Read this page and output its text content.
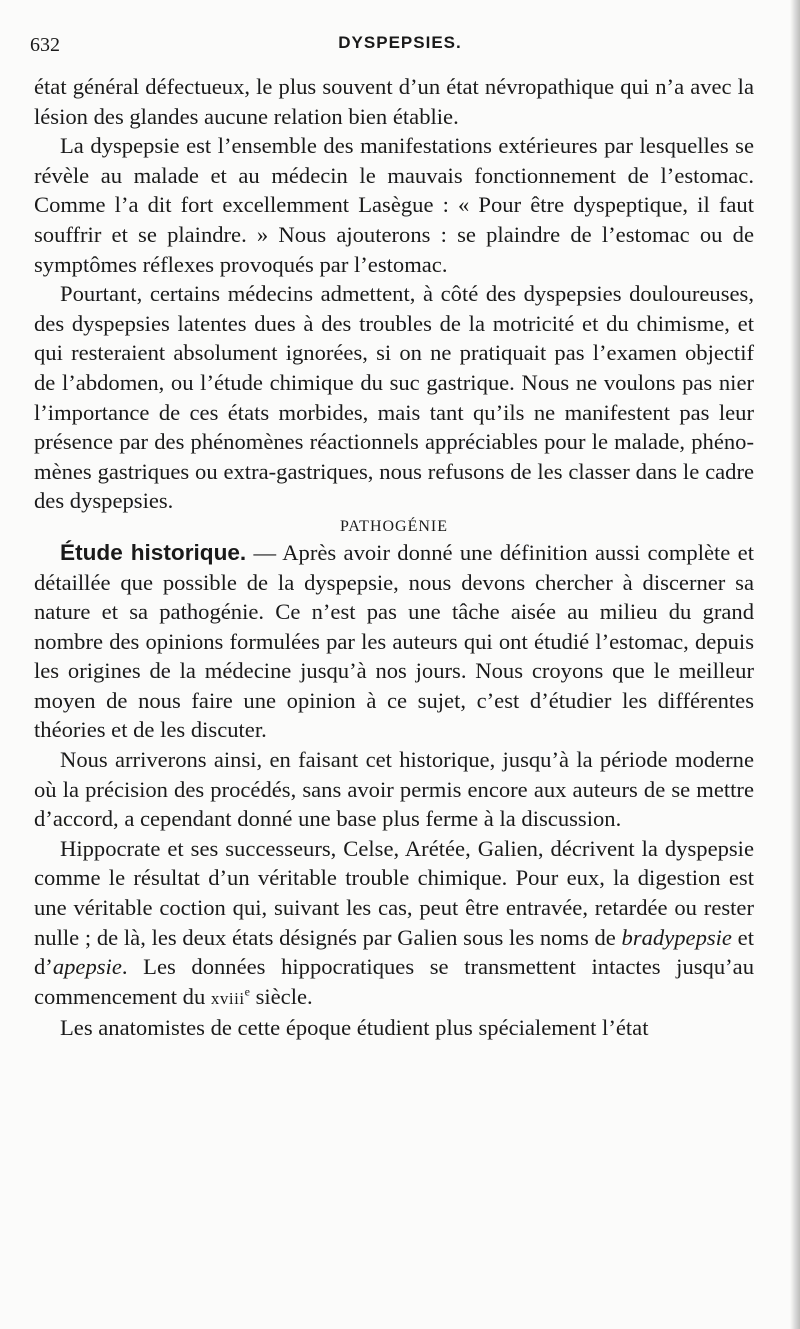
632	DYSPEPSIES.

état général défectueux, le plus souvent d’un état névropathique qui n’a avec la lésion des glandes aucune relation bien établie.

La dyspepsie est l’ensemble des manifestations extérieures par lesquelles se révèle au malade et au médecin le mauvais fonctionnement de l’estomac. Comme l’a dit fort excellemment Lasègue : « Pour être dyspeptique, il faut souffrir et se plaindre. » Nous ajouterons : se plaindre de l’estomac ou de symptômes réflexes provoqués par l’estomac.

Pourtant, certains médecins admettent, à côté des dyspepsies douloureuses, des dyspepsies latentes dues à des troubles de la motricité et du chimisme, et qui resteraient absolument ignorées, si on ne pratiquait pas l’examen objectif de l’abdomen, ou l’étude chimique du suc gastrique. Nous ne voulons pas nier l’importance de ces états morbides, mais tant qu’ils ne manifestent pas leur présence par des phénomènes réactionnels appréciables pour le malade, phénomènes gastriques ou extra-gastriques, nous refusons de les classer dans le cadre des dyspepsies.

PATHOGÉNIE

Étude historique. — Après avoir donné une définition aussi complète et détaillée que possible de la dyspepsie, nous devons chercher à discerner sa nature et sa pathogénie. Ce n’est pas une tâche aisée au milieu du grand nombre des opinions formulées par les auteurs qui ont étudié l’estomac, depuis les origines de la médecine jusqu’à nos jours. Nous croyons que le meilleur moyen de nous faire une opinion à ce sujet, c’est d’étudier les différentes théories et de les discuter.

Nous arriverons ainsi, en faisant cet historique, jusqu’à la période moderne où la précision des procédés, sans avoir permis encore aux auteurs de se mettre d’accord, a cependant donné une base plus ferme à la discussion.

Hippocrate et ses successeurs, Celse, Arétée, Galien, décrivent la dyspepsie comme le résultat d’un véritable trouble chimique. Pour eux, la digestion est une véritable coction qui, suivant les cas, peut être entravée, retardée ou rester nulle ; de là, les deux états désignés par Galien sous les noms de bradypepsie et d’apepsie. Les données hippocratiques se transmettent intactes jusqu’au commencement du xviii$^e$ siècle.

Les anatomistes de cette époque étudient plus spécialement l’état
